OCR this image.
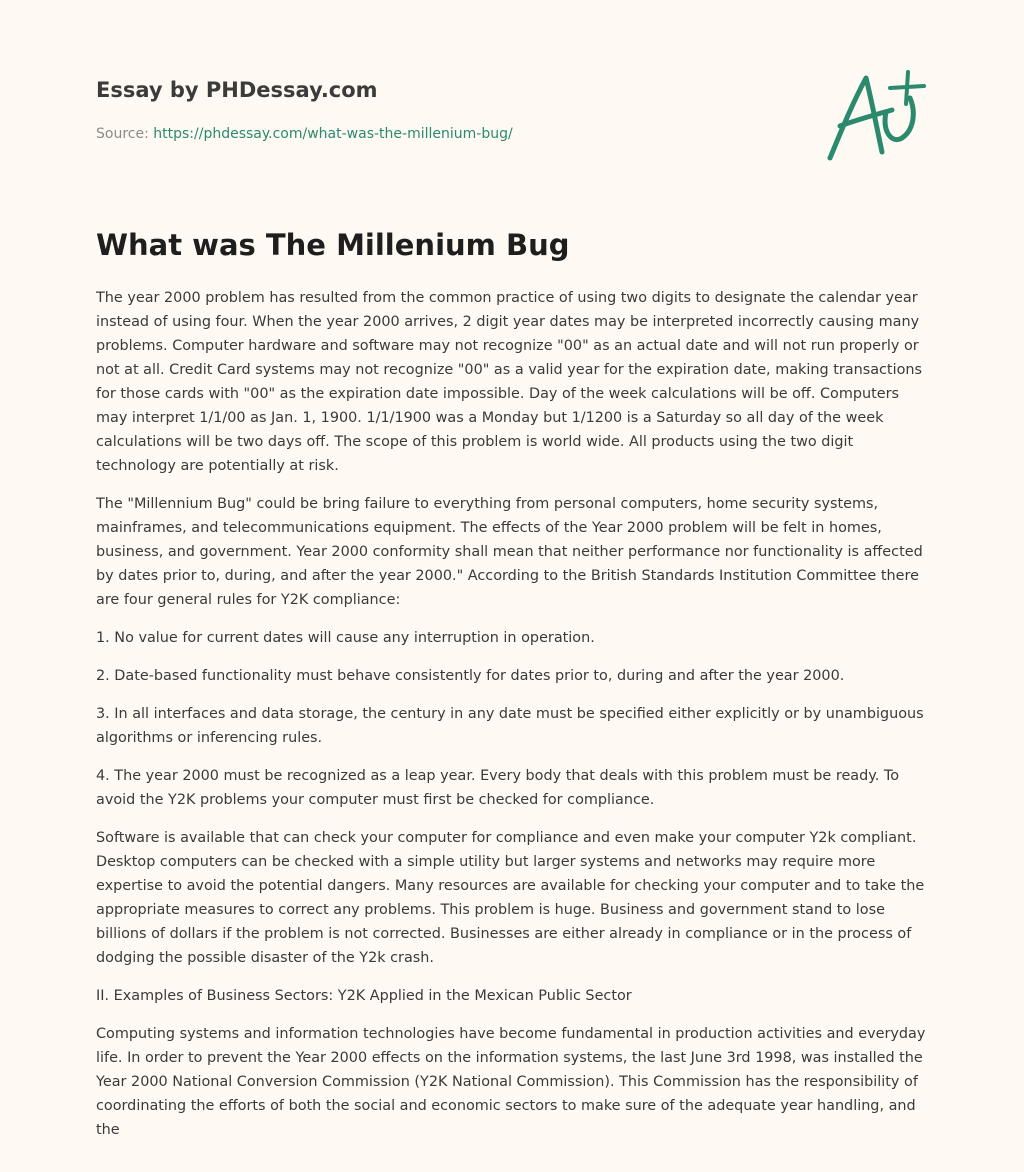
Essay by PHDessay.com
Source: https://phdessay.com/what-was-the-millenium-bug/
What was The Millenium Bug

The year 2000 problem has resulted from the common practice of using two digits to designate the calendar year instead of using four. When the year 2000 arrives, 2 digit year dates may be interpreted incorrectly causing many problems. Computer hardware and software may not recognize "00" as an actual date and will not run properly or not at all. Credit Card systems may not recognize "00" as a valid year for the expiration date, making transactions for those cards with "00" as the expiration date impossible. Day of the week calculations will be off. Computers may interpret 1/1/00 as Jan. 1, 1900. 1/1/1900 was a Monday but 1/1200 is a Saturday so all day of the week calculations will be two days off. The scope of this problem is world wide. All products using the two digit technology are potentially at risk.

The "Millennium Bug" could be bring failure to everything from personal computers, home security systems, mainframes, and telecommunications equipment. The effects of the Year 2000 problem will be felt in homes, business, and government. Year 2000 conformity shall mean that neither performance nor functionality is affected by dates prior to, during, and after the year 2000." According to the British Standards Institution Committee there are four general rules for Y2K compliance:

1. No value for current dates will cause any interruption in operation.

2. Date-based functionality must behave consistently for dates prior to, during and after the year 2000.

3. In all interfaces and data storage, the century in any date must be specified either explicitly or by unambiguous algorithms or inferencing rules.

4. The year 2000 must be recognized as a leap year. Every body that deals with this problem must be ready. To avoid the Y2K problems your computer must first be checked for compliance.

Software is available that can check your computer for compliance and even make your computer Y2k compliant. Desktop computers can be checked with a simple utility but larger systems and networks may require more expertise to avoid the potential dangers. Many resources are available for checking your computer and to take the appropriate measures to correct any problems. This problem is huge. Business and government stand to lose billions of dollars if the problem is not corrected. Businesses are either already in compliance or in the process of dodging the possible disaster of the Y2k crash.

II. Examples of Business Sectors: Y2K Applied in the Mexican Public Sector

Computing systems and information technologies have become fundamental in production activities and everyday life. In order to prevent the Year 2000 effects on the information systems, the last June 3rd 1998, was installed the Year 2000 National Conversion Commission (Y2K National Commission). This Commission has the responsibility of coordinating the efforts of both the social and economic sectors to make sure of the adequate year handling, and the
